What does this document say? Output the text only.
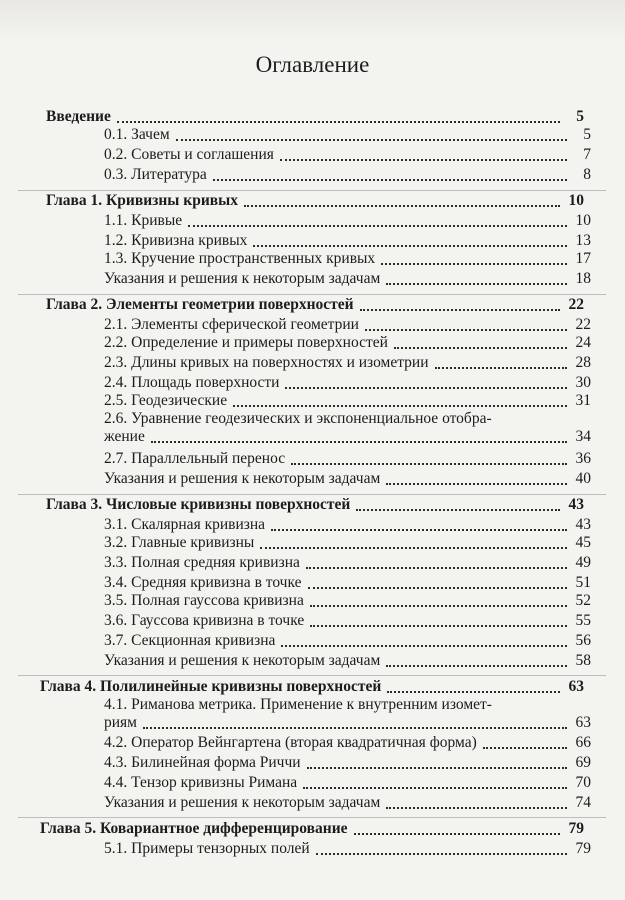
Оглавление
Введение	5
0.1. Зачем	5
0.2. Советы и соглашения	7
0.3. Литература	8
Глава 1. Кривизны кривых	10
1.1. Кривые	10
1.2. Кривизна кривых	13
1.3. Кручение пространственных кривых	17
Указания и решения к некоторым задачам	18
Глава 2. Элементы геометрии поверхностей	22
2.1. Элементы сферической геометрии	22
2.2. Определение и примеры поверхностей	24
2.3. Длины кривых на поверхностях и изометрии	28
2.4. Площадь поверхности	30
2.5. Геодезические	31
2.6. Уравнение геодезических и экспоненциальное отобра-
жение	34
2.7. Параллельный перенос	36
Указания и решения к некоторым задачам	40
Глава 3. Числовые кривизны поверхностей	43
3.1. Скалярная кривизна	43
3.2. Главные кривизны	45
3.3. Полная средняя кривизна	49
3.4. Средняя кривизна в точке	51
3.5. Полная гауссова кривизна	52
3.6. Гауссова кривизна в точке	55
3.7. Секционная кривизна	56
Указания и решения к некоторым задачам	58
Глава 4. Полилинейные кривизны поверхностей	63
4.1. Риманова метрика. Применение к внутренним изомет-
риям	63
4.2. Оператор Вейнгартена (вторая квадратичная форма)	66
4.3. Билинейная форма Риччи	69
4.4. Тензор кривизны Римана	70
Указания и решения к некоторым задачам	74
Глава 5. Ковариантное дифференцирование	79
5.1. Примеры тензорных полей	79
